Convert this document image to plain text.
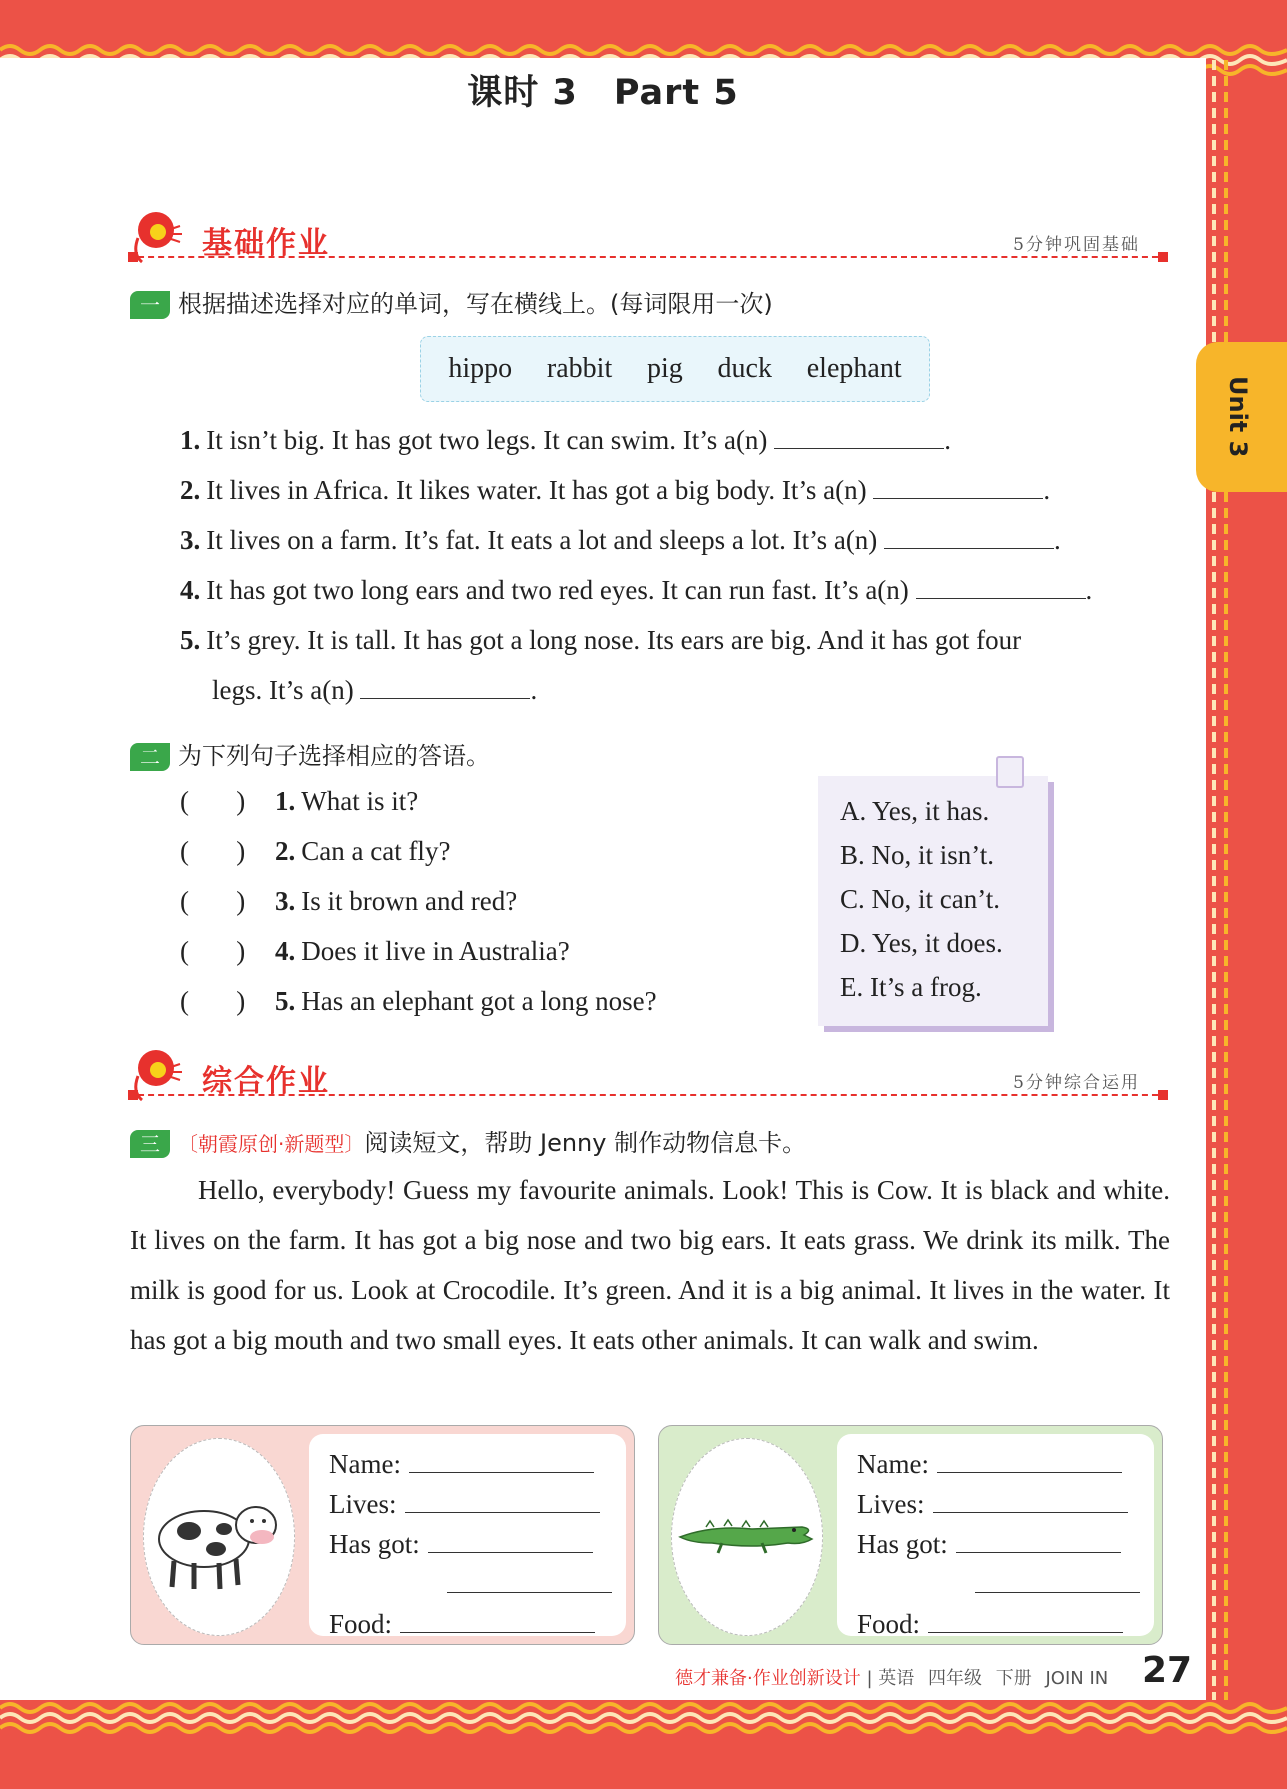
Unit 3
课时 3　Part 5
基础作业	5分钟巩固基础
一 根据描述选择对应的单词，写在横线上。(每词限用一次)
hippo rabbit pig duck elephant
1. It isn’t big. It has got two legs. It can swim. It’s a(n)	.
2. It lives in Africa. It likes water. It has got a big body. It’s a(n)	.
3. It lives on a farm. It’s fat. It eats a lot and sleeps a lot. It’s a(n)	.
4. It has got two long ears and two red eyes. It can run fast. It’s a(n)	.
5. It’s grey. It is tall. It has got a long nose. Its ears are big. And it has got four
legs. It’s a(n)	.
二 为下列句子选择相应的答语。
(       ) 1. What is it?
(       ) 2. Can a cat fly?
(       ) 3. Is it brown and red?
(       ) 4. Does it live in Australia?
(       ) 5. Has an elephant got a long nose?
A. Yes, it has.
B. No, it isn’t.
C. No, it can’t.
D. Yes, it does.
E. It’s a frog.
综合作业	5分钟综合运用
三 〔朝霞原创·新题型〕阅读短文，帮助 Jenny 制作动物信息卡。
Hello, everybody! Guess my favourite animals. Look! This is Cow. It is black and white. It lives on the farm. It has got a big nose and two big ears. It eats grass. We drink its milk. The milk is good for us. Look at Crocodile. It’s green. And it is a big animal. It lives in the water. It has got a big mouth and two small eyes. It eats other animals. It can walk and swim.
Name:
Lives:
Has got:
Food:
Name:
Lives:
Has got:
Food:
德才兼备·作业创新设计 | 英语 四年级 下册 JOIN IN 27
